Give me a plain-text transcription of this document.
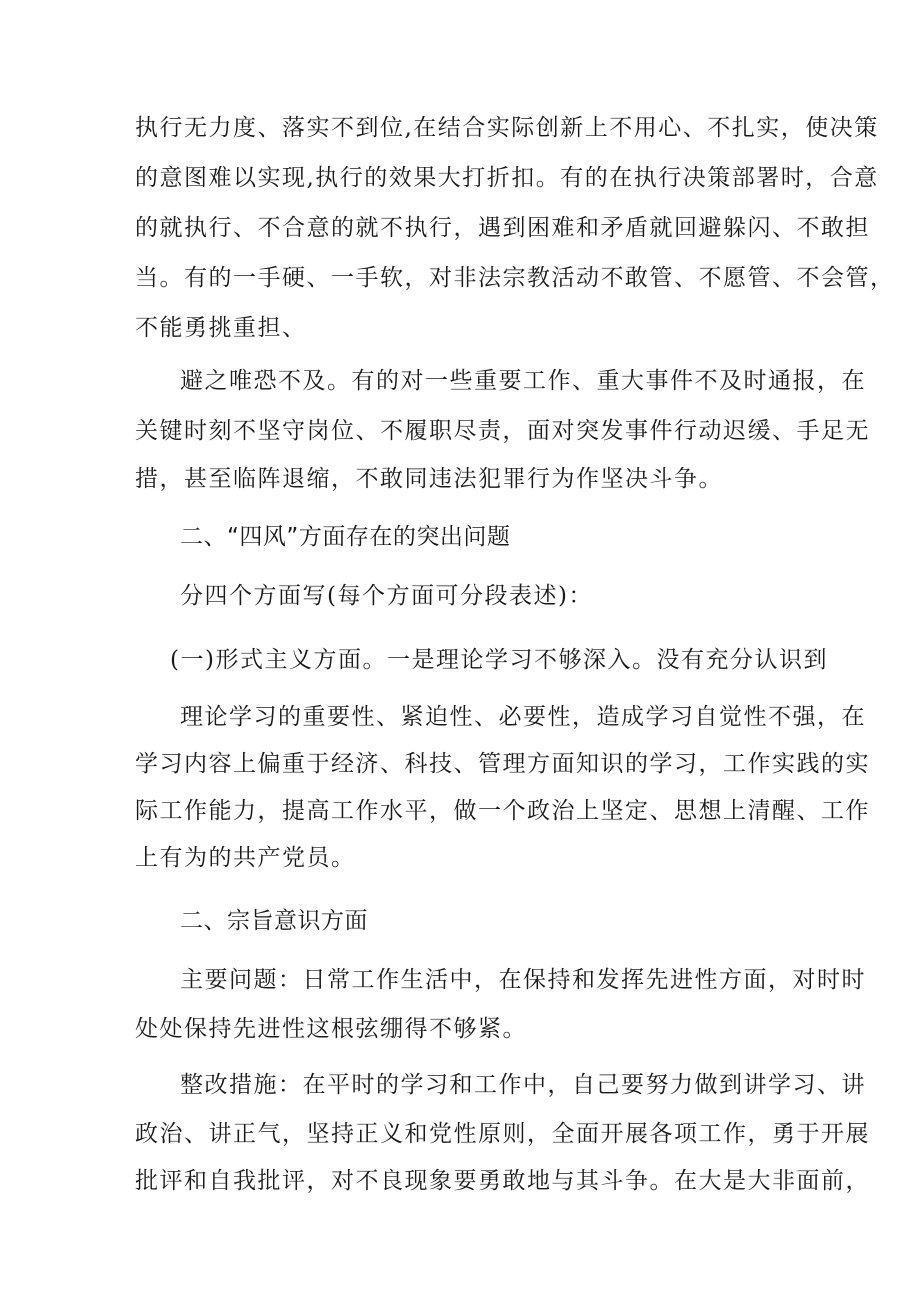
执行无力度、落实不到位,在结合实际创新上不用心、不扎实，使决策
的意图难以实现,执行的效果大打折扣。有的在执行决策部署时，合意
的就执行、不合意的就不执行，遇到困难和矛盾就回避躲闪、不敢担
当。有的一手硬、一手软，对非法宗教活动不敢管、不愿管、不会管，
不能勇挑重担、
避之唯恐不及。有的对一些重要工作、重大事件不及时通报，在
关键时刻不坚守岗位、不履职尽责，面对突发事件行动迟缓、手足无
措，甚至临阵退缩，不敢同违法犯罪行为作坚决斗争。
二、“四风”方面存在的突出问题
分四个方面写(每个方面可分段表述)：
(一)形式主义方面。一是理论学习不够深入。没有充分认识到
理论学习的重要性、紧迫性、必要性，造成学习自觉性不强，在
学习内容上偏重于经济、科技、管理方面知识的学习，工作实践的实
际工作能力，提高工作水平，做一个政治上坚定、思想上清醒、工作
上有为的共产党员。
二、宗旨意识方面
主要问题：日常工作生活中，在保持和发挥先进性方面，对时时
处处保持先进性这根弦绷得不够紧。
整改措施：在平时的学习和工作中，自己要努力做到讲学习、讲
政治、讲正气，坚持正义和党性原则，全面开展各项工作，勇于开展
批评和自我批评，对不良现象要勇敢地与其斗争。在大是大非面前，
